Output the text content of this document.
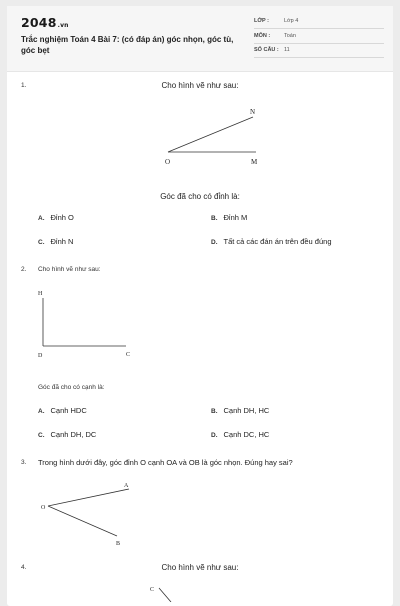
2048.vn
Trắc nghiệm Toán 4 Bài 7: (có đáp án) góc nhọn, góc tù, góc bẹt
LỚP :	Lớp 4
MÔN :	Toán
SỐ CÂU : 11
1.	Cho hình vẽ như sau:
N
O	M
Góc đã cho có đỉnh là:
A. Đỉnh O	B. Đỉnh M
C. Đỉnh N	D. Tất cả các đán án trên đều đúng
2. Cho hình vẽ như sau:
H
D	C
Góc đã cho có cạnh là:
A. Cạnh HDC	B. Cạnh DH, HC
C. Cạnh DH, DC	D. Cạnh DC, HC
3. Trong hình dưới đây, góc đỉnh O cạnh OA và OB là góc nhọn. Đúng hay sai?
A
O
B
4.	Cho hình vẽ như sau:
C
